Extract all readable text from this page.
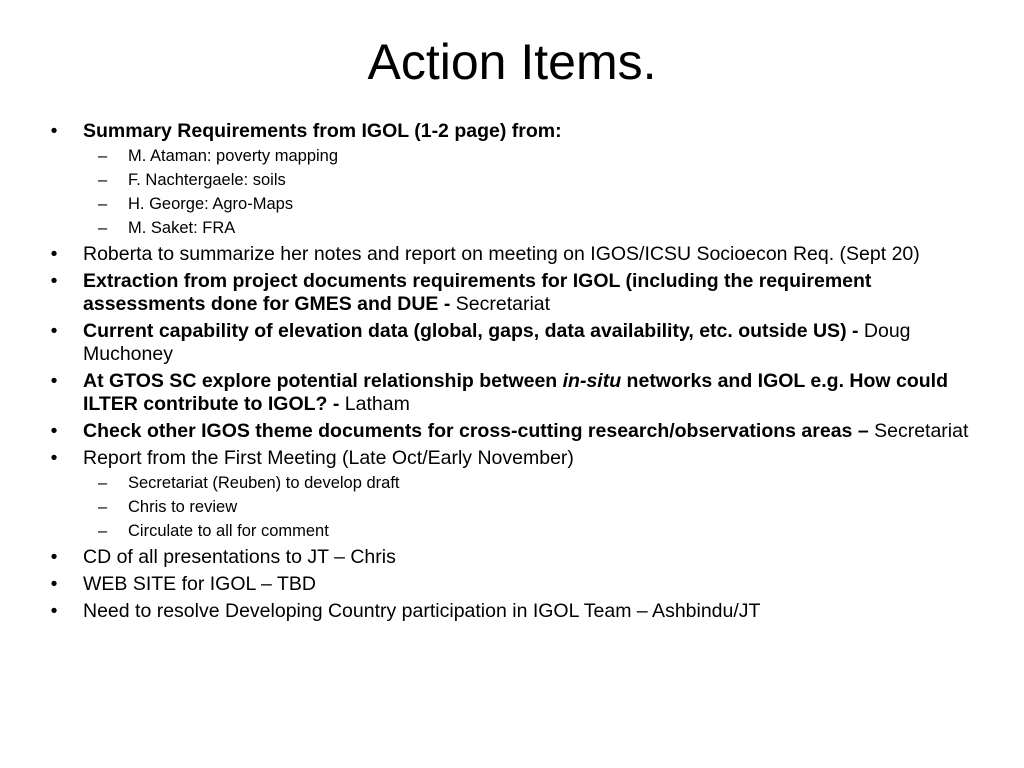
Action Items.
•	Summary Requirements from IGOL (1-2 page) from:
– M. Ataman: poverty mapping
– F. Nachtergaele: soils
– H. George: Agro-Maps
– M. Saket: FRA
•	Roberta to summarize her notes and report on meeting on IGOS/ICSU Socioecon Req. (Sept 20)
•	Extraction from project documents requirements for IGOL (including the requirement assessments done for GMES and DUE - Secretariat
•	Current capability of elevation data (global, gaps, data availability, etc. outside US) - Doug Muchoney
•	At GTOS SC explore potential relationship between in-situ networks and IGOL e.g. How could ILTER contribute to IGOL? - Latham
•	Check other IGOS theme documents for cross-cutting research/observations areas – Secretariat
•	Report from the First Meeting (Late Oct/Early November)
– Secretariat (Reuben) to develop draft
– Chris to review
– Circulate to all for comment
•	CD of all presentations to JT – Chris
•	WEB SITE for IGOL – TBD
•	Need to resolve Developing Country participation in IGOL Team – Ashbindu/JT
